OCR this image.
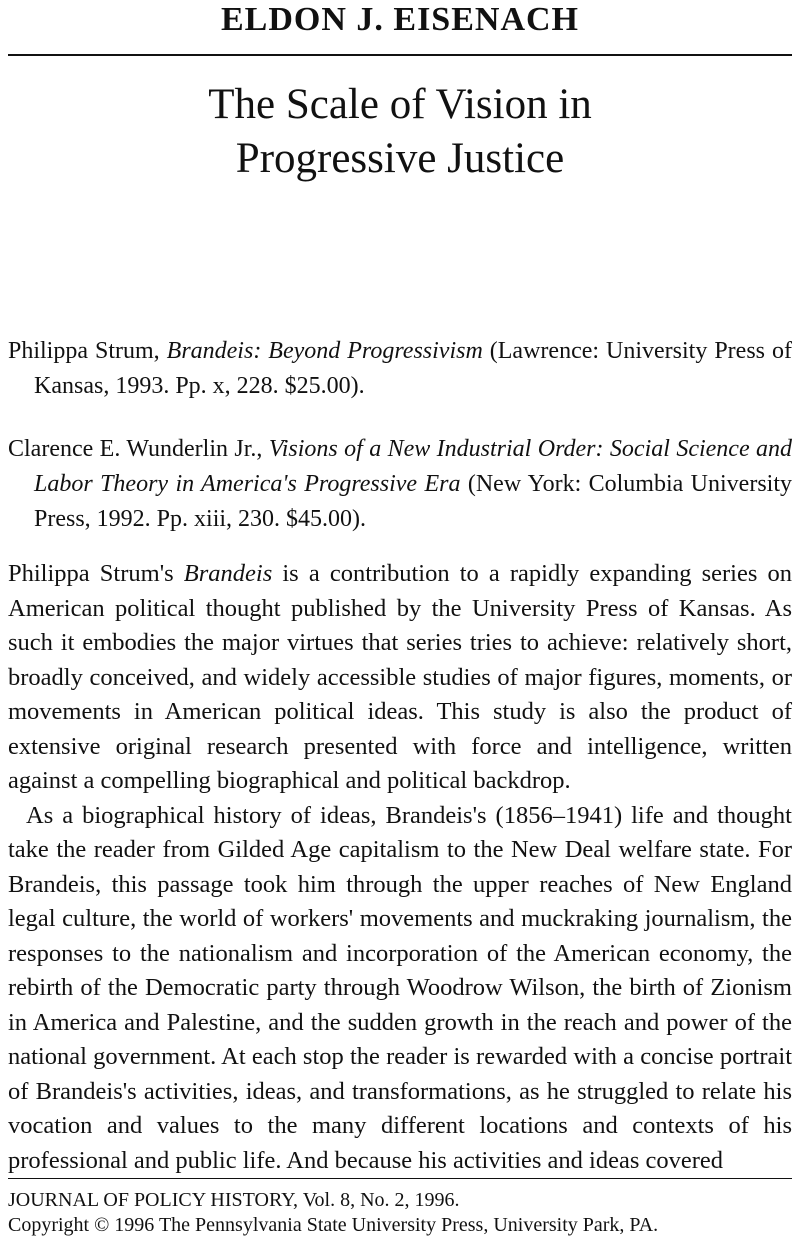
ELDON J. EISENACH
The Scale of Vision in
Progressive Justice
Philippa Strum, Brandeis: Beyond Progressivism (Lawrence: University Press of Kansas, 1993. Pp. x, 228. $25.00).
Clarence E. Wunderlin Jr., Visions of a New Industrial Order: Social Science and Labor Theory in America's Progressive Era (New York: Columbia University Press, 1992. Pp. xiii, 230. $45.00).

Philippa Strum's Brandeis is a contribution to a rapidly expanding series on American political thought published by the University Press of Kansas. As such it embodies the major virtues that series tries to achieve: relatively short, broadly conceived, and widely accessible studies of major figures, moments, or movements in American political ideas. This study is also the product of extensive original research presented with force and intelligence, written against a compelling biographical and political backdrop.

As a biographical history of ideas, Brandeis's (1856–1941) life and thought take the reader from Gilded Age capitalism to the New Deal welfare state. For Brandeis, this passage took him through the upper reaches of New England legal culture, the world of workers' movements and muckraking journalism, the responses to the nationalism and incorporation of the American economy, the rebirth of the Democratic party through Woodrow Wilson, the birth of Zionism in America and Palestine, and the sudden growth in the reach and power of the national government. At each stop the reader is rewarded with a concise portrait of Brandeis's activities, ideas, and transformations, as he struggled to relate his vocation and values to the many different locations and contexts of his professional and public life. And because his activities and ideas covered

JOURNAL OF POLICY HISTORY, Vol. 8, No. 2, 1996.
Copyright © 1996 The Pennsylvania State University Press, University Park, PA.
